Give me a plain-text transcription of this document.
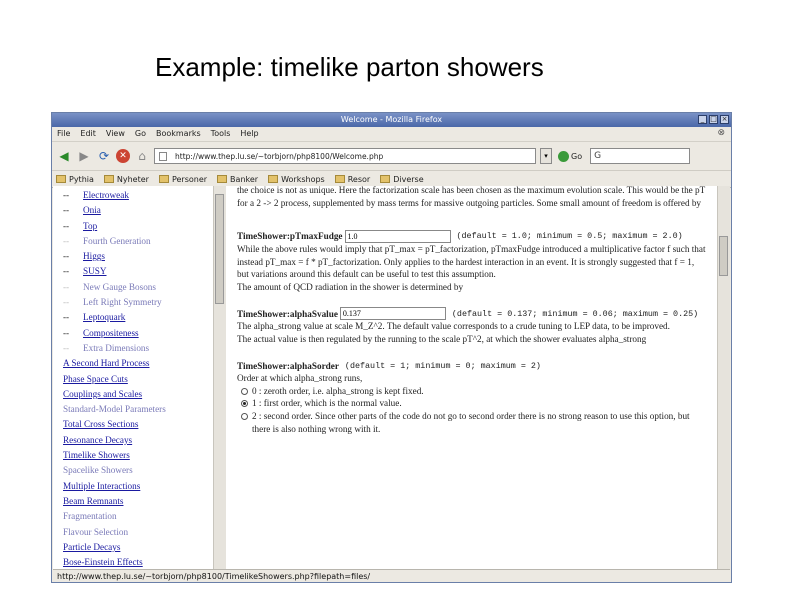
Example: timelike parton showers
Welcome - Mozilla Firefox	_ □ ×
File Edit View Go Bookmarks Tools Help	⊗
◀ ▶ ⟳	✕ ⌂	http://www.thep.lu.se/~torbjorn/php8100/Welcome.php	▾	Go	G
Pythia	Nyheter	Personer	Banker	Workshops	Resor	Diverse
-- Electroweak
-- Onia
-- Top
-- Fourth Generation
-- Higgs
-- SUSY
-- New Gauge Bosons
-- Left Right Symmetry
-- Leptoquark
-- Compositeness
-- Extra Dimensions
A Second Hard Process
Phase Space Cuts
Couplings and Scales
Standard-Model Parameters
Total Cross Sections
Resonance Decays
Timelike Showers
Spacelike Showers
Multiple Interactions
Beam Remnants
Fragmentation
Flavour Selection
Particle Decays
Bose-Einstein Effects

the choice is not as unique. Here the factorization scale has been chosen as the maximum evolution scale. This would be the pT for a 2 -> 2 process, supplemented by mass terms for massive outgoing particles. Some small amount of freedom is offered by

TimeShower:pTmaxFudge
1.0	(default = 1.0; minimum = 0.5; maximum = 2.0)

While the above rules would imply that pT_max = pT_factorization, pTmaxFudge introduced a multiplicative factor f such that instead pT_max = f * pT_factorization. Only applies to the hardest interaction in an event. It is strongly suggested that f = 1, but variations around this default can be useful to test this assumption.

The amount of QCD radiation in the shower is determined by

TimeShower:alphaSvalue
0.137	(default = 0.137; minimum = 0.06; maximum = 0.25)

The alpha_strong value at scale M_Z^2. The default value corresponds to a crude tuning to LEP data, to be improved.

The actual value is then regulated by the running to the scale pT^2, at which the shower evaluates alpha_strong

TimeShower:alphaSorder (default = 1; minimum = 0; maximum = 2)

Order at which alpha_strong runs,

0 : zeroth order, i.e. alpha_strong is kept fixed.
1 : first order, which is the normal value.
2 : second order. Since other parts of the code do not go to second order there is no strong reason to use this option, but there is also nothing wrong with it.
http://www.thep.lu.se/~torbjorn/php8100/TimelikeShowers.php?filepath=files/
